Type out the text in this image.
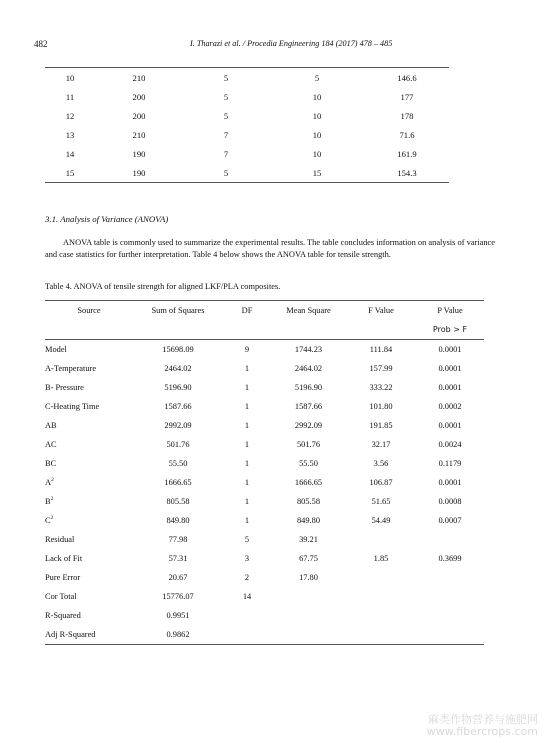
482	I. Tharazi et al. / Procedia Engineering 184 (2017) 478 – 485
10	210	5	5	146.6
11	200	5	10	177
12	200	5	10	178
13	210	7	10	71.6
14	190	7	10	161.9
15	190	5	15	154.3
3.1. Analysis of Variance (ANOVA)
ANOVA table is commonly used to summarize the experimental results. The table concludes information on analysis of variance and case statistics for further interpretation. Table 4 below shows the ANOVA table for tensile strength.
Table 4. ANOVA of tensile strength for aligned LKF/PLA composites.
Source	Sum of Squares	DF	Mean Square	F Value	P Value
					Prob > F
Model	15698.09	9	1744.23	111.84	0.0001
A-Temperature	2464.02	1	2464.02	157.99	0.0001
B- Pressure	5196.90	1	5196.90	333.22	0.0001
C-Heating Time	1587.66	1	1587.66	101.80	0.0002
AB	2992.09	1	2992.09	191.85	0.0001
AC	501.76	1	501.76	32.17	0.0024
BC	55.50	1	55.50	3.56	0.1179
$A^2$	1666.65	1	1666.65	106.87	0.0001
$B^2$	805.58	1	805.58	51.65	0.0008
$C^2$	849.80	1	849.80	54.49	0.0007
Residual	77.98	5	39.21		
Lack of Fit	57.31	3	67.75	1.85	0.3699
Pure Error	20.67	2	17.80		
Cor Total	15776.07	14			
R-Squared	0.9951				
Adj R-Squared	0.9862				
麻类作物营养与施肥网
www.fibercrops.com
